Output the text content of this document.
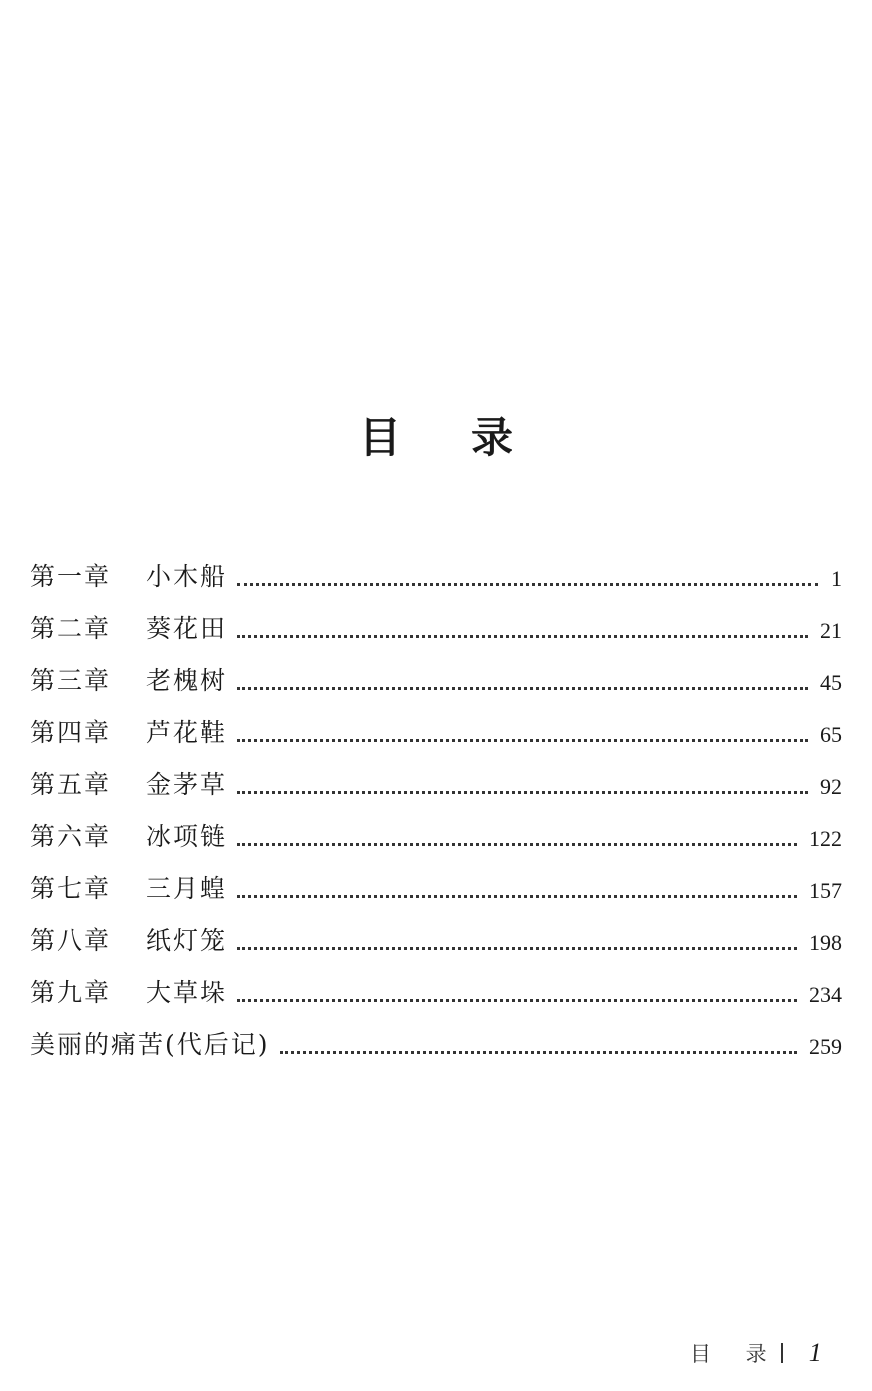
目 录
第一章	小木船	1
第二章	葵花田	21
第三章	老槐树	45
第四章	芦花鞋	65
第五章	金茅草	92
第六章	冰项链	122
第七章	三月蝗	157
第八章	纸灯笼	198
第九章	大草垛	234
美丽的痛苦(代后记)	259
目 录 1
